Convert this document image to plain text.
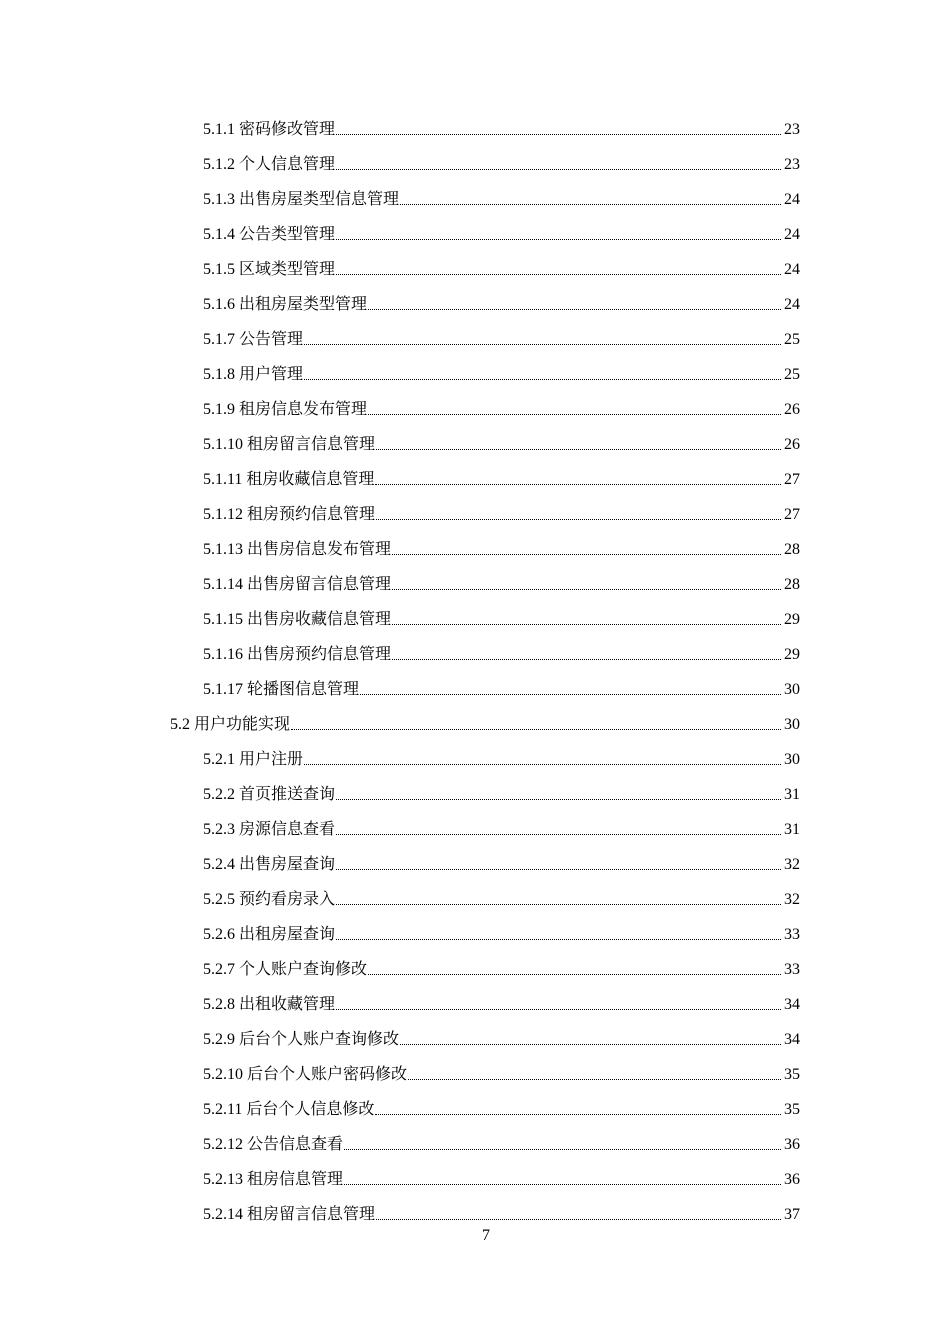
5.1.1 密码修改管理	23
5.1.2 个人信息管理	23
5.1.3 出售房屋类型信息管理	24
5.1.4 公告类型管理	24
5.1.5 区域类型管理	24
5.1.6 出租房屋类型管理	24
5.1.7 公告管理	25
5.1.8 用户管理	25
5.1.9 租房信息发布管理	26
5.1.10 租房留言信息管理	26
5.1.11 租房收藏信息管理	27
5.1.12 租房预约信息管理	27
5.1.13 出售房信息发布管理	28
5.1.14 出售房留言信息管理	28
5.1.15 出售房收藏信息管理	29
5.1.16 出售房预约信息管理	29
5.1.17 轮播图信息管理	30
5.2 用户功能实现	30
5.2.1 用户注册	30
5.2.2 首页推送查询	31
5.2.3 房源信息查看	31
5.2.4 出售房屋查询	32
5.2.5 预约看房录入	32
5.2.6 出租房屋查询	33
5.2.7 个人账户查询修改	33
5.2.8 出租收藏管理	34
5.2.9 后台个人账户查询修改	34
5.2.10 后台个人账户密码修改	35
5.2.11 后台个人信息修改	35
5.2.12 公告信息查看	36
5.2.13 租房信息管理	36
5.2.14 租房留言信息管理	37
7
